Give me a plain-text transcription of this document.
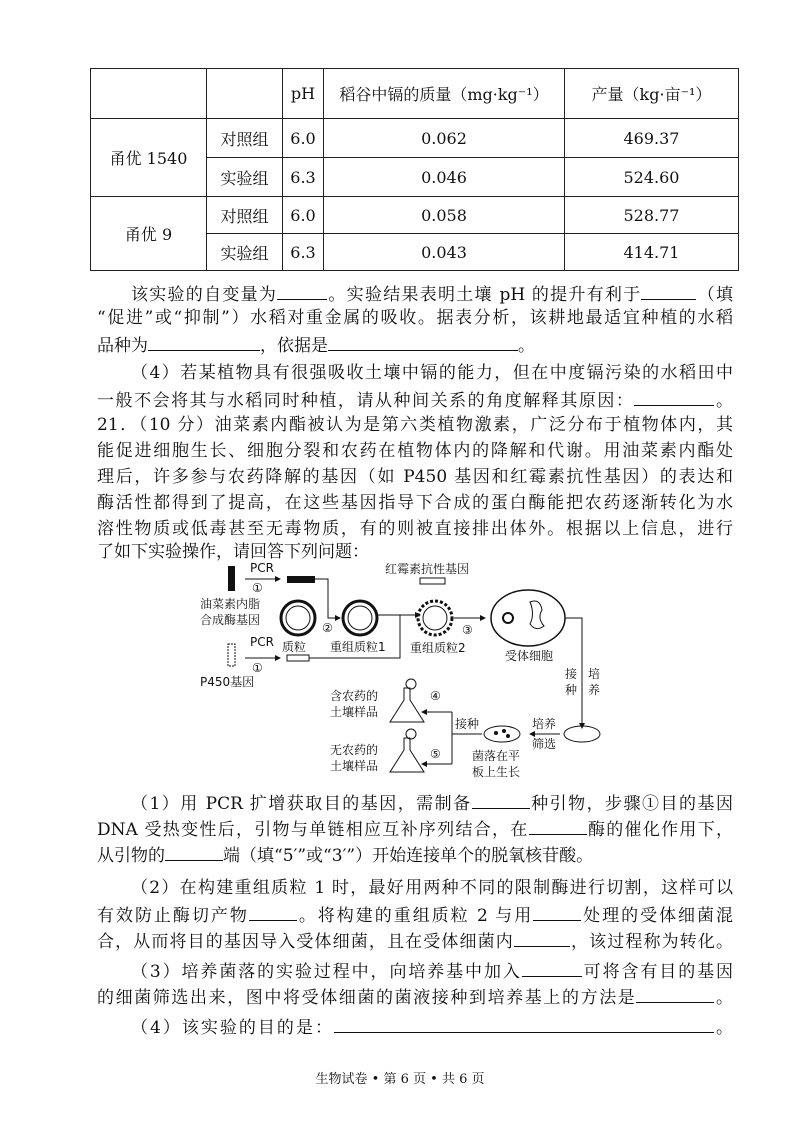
		pH	稻谷中镉的质量（mg·kg⁻¹）	产量（kg·亩⁻¹）
甬优 1540	对照组	6.0	0.062	469.37
	实验组	6.3	0.046	524.60
甬优 9	对照组	6.0	0.058	528.77
	实验组	6.3	0.043	414.71
该实验的自变量为	。实验结果表明土壤 pH 的提升有利于	（填
“促进”或“抑制”）水稻对重金属的吸收。据表分析，该耕地最适宜种植的水稻
品种为	，依据是	。
（4）若某植物具有很强吸收土壤中镉的能力，但在中度镉污染的水稻田中
一般不会将其与水稻同时种植，请从种间关系的角度解释其原因：	。
21．（10 分）油菜素内酯被认为是第六类植物激素，广泛分布于植物体内，其
能促进细胞生长、细胞分裂和农药在植物体内的降解和代谢。用油菜素内酯处
理后，许多参与农药降解的基因（如 P450 基因和红霉素抗性基因）的表达和
酶活性都得到了提高，在这些基因指导下合成的蛋白酶能把农药逐渐转化为水
溶性物质或低毒甚至无毒物质，有的则被直接排出体外。根据以上信息，进行
了如下实验操作，请回答下列问题：
PCR
①
油菜素内脂
合成酶基因
②
质粒 重组质粒1
PCR
①
P450基因
红霉素抗性基因
重组质粒2
③
受体细胞
接
种
培
养
培养
筛选
菌落在平
板上生长
接种
④
含农药的
土壤样品
⑤
无农药的
土壤样品
（1）用 PCR 扩增获取目的基因，需制备	种引物，步骤①目的基因
DNA 受热变性后，引物与单链相应互补序列结合，在	酶的催化作用下，
从引物的	端（填“5′”或“3′”）开始连接单个的脱氧核苷酸。
（2）在构建重组质粒 1 时，最好用两种不同的限制酶进行切割，这样可以
有效防止酶切产物	。将构建的重组质粒 2 与用	处理的受体细菌混
合，从而将目的基因导入受体细菌，且在受体细菌内	，该过程称为转化。
（3）培养菌落的实验过程中，向培养基中加入	可将含有目的基因
的细菌筛选出来，图中将受体细菌的菌液接种到培养基上的方法是	。
（4）该实验的目的是：	。
生物试卷 • 第 6 页 • 共 6 页
